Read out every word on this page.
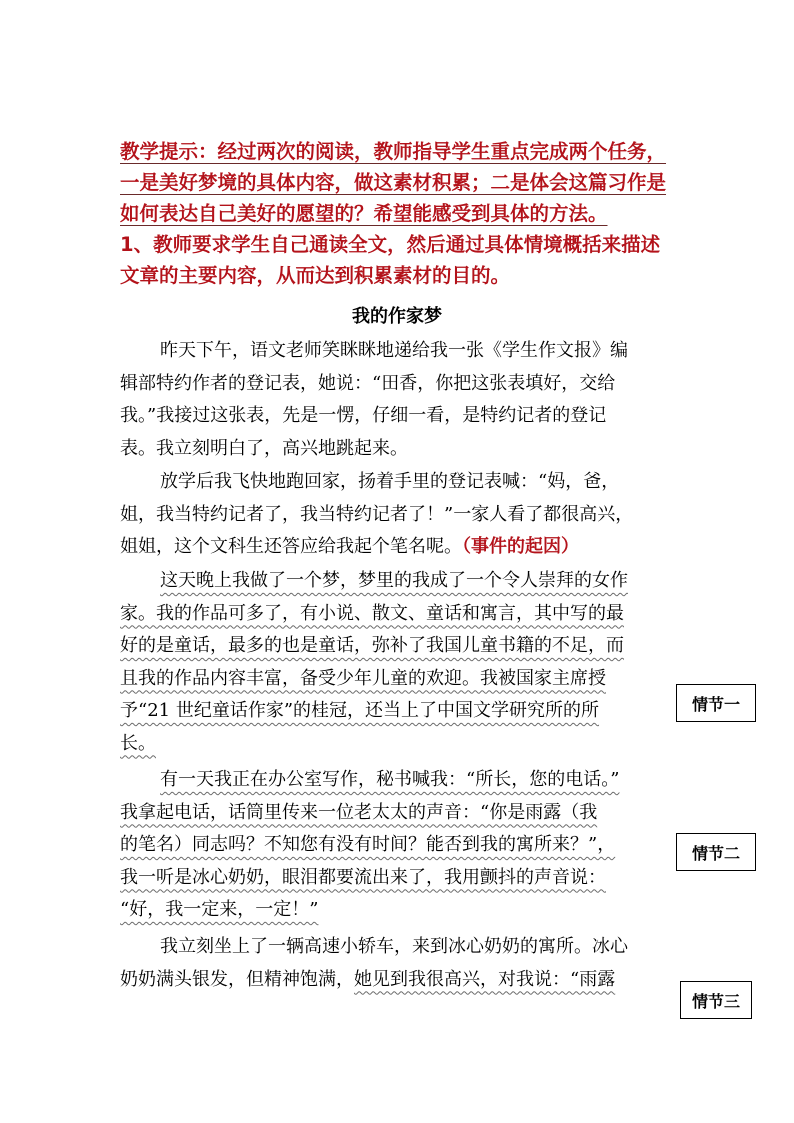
教学提示：经过两次的阅读，教师指导学生重点完成两个任务，
一是美好梦境的具体内容，做这素材积累；二是体会这篇习作是
如何表达自己美好的愿望的？希望能感受到具体的方法。
1、教师要求学生自己通读全文，然后通过具体情境概括来描述
文章的主要内容，从而达到积累素材的目的。
我的作家梦
昨天下午，语文老师笑眯眯地递给我一张《学生作文报》编
辑部特约作者的登记表，她说：“田香，你把这张表填好，交给
我。”我接过这张表，先是一愣，仔细一看，是特约记者的登记
表。我立刻明白了，高兴地跳起来。
放学后我飞快地跑回家，扬着手里的登记表喊：“妈，爸，
姐，我当特约记者了，我当特约记者了！”一家人看了都很高兴，
姐姐，这个文科生还答应给我起个笔名呢。（事件的起因）
这天晚上我做了一个梦，梦里的我成了一个令人崇拜的女作
家。我的作品可多了，有小说、散文、童话和寓言，其中写的最
好的是童话，最多的也是童话，弥补了我国儿童书籍的不足，而
且我的作品内容丰富，备受少年儿童的欢迎。我被国家主席授
予“21 世纪童话作家”的桂冠，还当上了中国文学研究所的所
长。
有一天我正在办公室写作，秘书喊我：“所长，您的电话。”
我拿起电话，话筒里传来一位老太太的声音：“你是雨露（我
的笔名）同志吗？不知您有没有时间？能否到我的寓所来？”，
我一听是冰心奶奶，眼泪都要流出来了，我用颤抖的声音说：
“好，我一定来，一定！”
我立刻坐上了一辆高速小轿车，来到冰心奶奶的寓所。冰心
奶奶满头银发，但精神饱满，她见到我很高兴，对我说：“雨露
情节一
情节二
情节三
